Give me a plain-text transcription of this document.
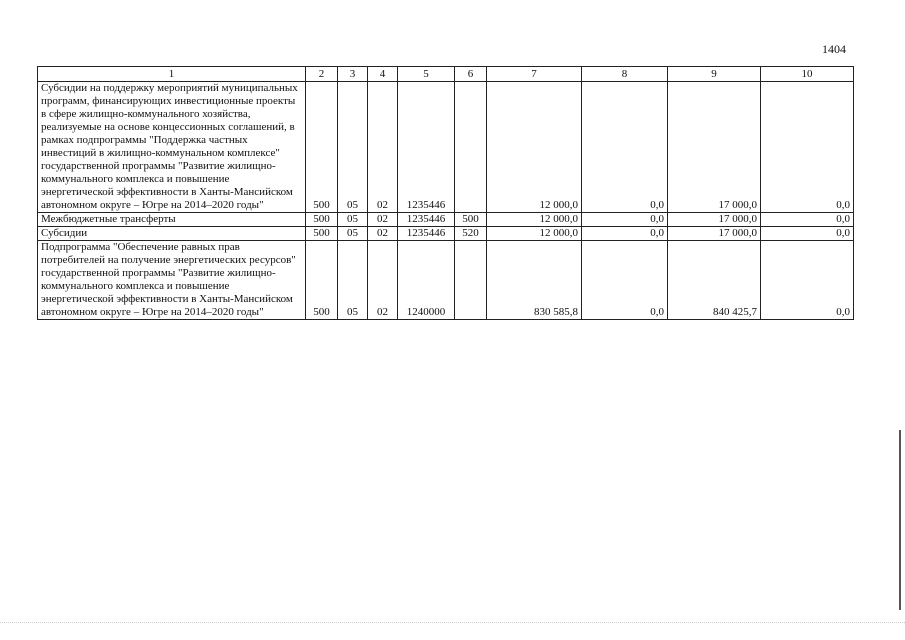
1404
1	2	3	4	5	6	7	8	9	10
Субсидии на поддержку мероприятий муниципальных программ, финансирующих инвестиционные проекты в сфере жилищно-коммунального хозяйства, реализуемые на основе концессионных соглашений, в рамках подпрограммы "Поддержка частных инвестиций в жилищно-коммунальном комплексе" государственной программы "Развитие жилищно-коммунального комплекса и повышение энергетической эффективности в Ханты-Мансийском автономном округе – Югре на 2014–2020 годы"	500	05	02	1235446		12 000,0	0,0	17 000,0	0,0
Межбюджетные трансферты	500	05	02	1235446	500	12 000,0	0,0	17 000,0	0,0
Субсидии	500	05	02	1235446	520	12 000,0	0,0	17 000,0	0,0
Подпрограмма "Обеспечение равных прав потребителей на получение энергетических ресурсов" государственной программы "Развитие жилищно-коммунального комплекса и повышение энергетической эффективности в Ханты-Мансийском автономном округе – Югре на 2014–2020 годы"	500	05	02	1240000		830 585,8	0,0	840 425,7	0,0
